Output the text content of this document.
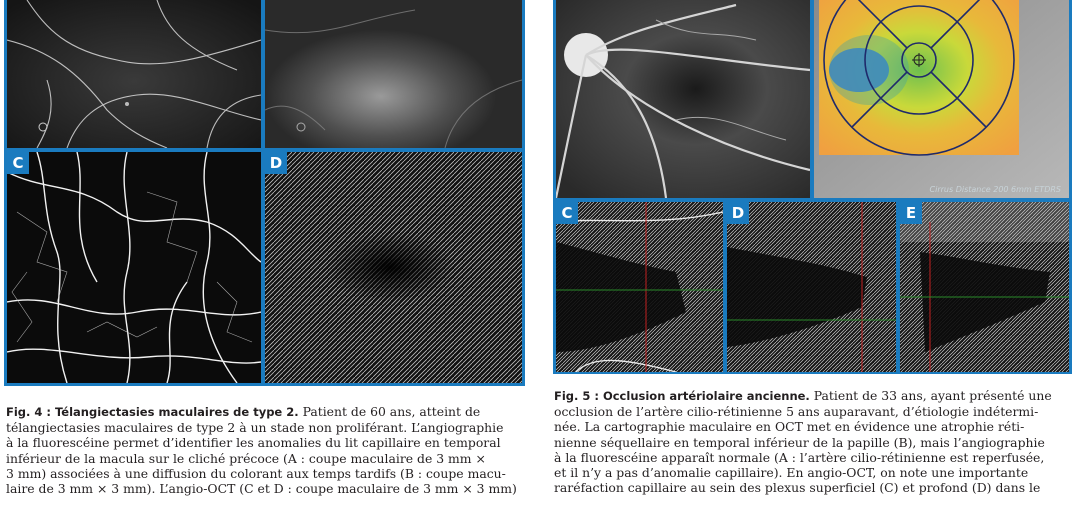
C	D
Fig. 4 : Télangiectasies maculaires de type 2. Patient de 60 ans, atteint de
télangiectasies maculaires de type 2 à un stade non proliférant. L’angiographie
à la fluorescéine permet d’identifier les anomalies du lit capillaire en temporal
inférieur de la macula sur le cliché précoce (A : coupe maculaire de 3 mm ×
3 mm) associées à une diffusion du colorant aux temps tardifs (B : coupe macu-
laire de 3 mm × 3 mm). L’angio-OCT (C et D : coupe maculaire de 3 mm × 3 mm)
Cirrus Distance 200 6mm ETDRS
C	D	E
Fig. 5 : Occlusion artériolaire ancienne. Patient de 33 ans, ayant présenté une
occlusion de l’artère cilio-rétinienne 5 ans auparavant, d’étiologie indétermi-
née. La cartographie maculaire en OCT met en évidence une atrophie réti-
nienne séquellaire en temporal inférieur de la papille (B), mais l’angiographie
à la fluorescéine apparaît normale (A : l’artère cilio-rétinienne est reperfusée,
et il n’y a pas d’anomalie capillaire). En angio-OCT, on note une importante
raréfaction capillaire au sein des plexus superficiel (C) et profond (D) dans le
